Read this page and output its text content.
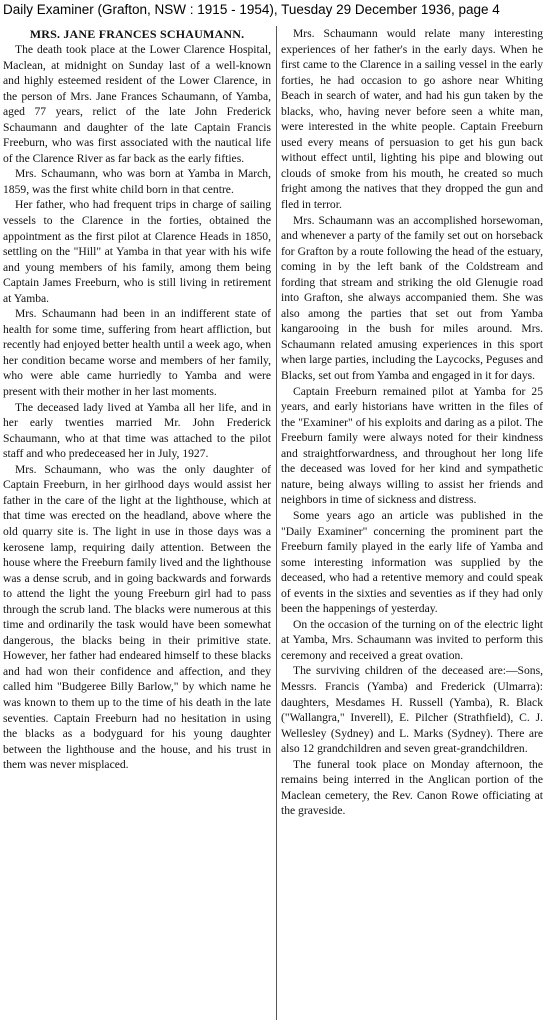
Daily Examiner (Grafton, NSW : 1915 - 1954), Tuesday 29 December 1936, page 4

MRS. JANE FRANCES SCHAUMANN.

The death took place at the Lower Clarence Hospital, Maclean, at midnight on Sunday last of a well-known and highly esteemed resident of the Lower Clarence, in the person of Mrs. Jane Frances Schaumann, of Yamba, aged 77 years, relict of the late John Frederick Schaumann and daughter of the late Captain Francis Freeburn, who was first associated with the nautical life of the Clarence River as far back as the early fifties.

Mrs. Schaumann, who was born at Yamba in March, 1859, was the first white child born in that centre.

Her father, who had frequent trips in charge of sailing vessels to the Clarence in the forties, obtained the appointment as the first pilot at Clarence Heads in 1850, settling on the "Hill" at Yamba in that year with his wife and young members of his family, among them being Captain James Freeburn, who is still living in retirement at Yamba.

Mrs. Schaumann had been in an indifferent state of health for some time, suffering from heart affliction, but recently had enjoyed better health until a week ago, when her condition became worse and members of her family, who were able came hurriedly to Yamba and were present with their mother in her last moments.

The deceased lady lived at Yamba all her life, and in her early twenties married Mr. John Frederick Schaumann, who at that time was attached to the pilot staff and who predeceased her in July, 1927.

Mrs. Schaumann, who was the only daughter of Captain Freeburn, in her girlhood days would assist her father in the care of the light at the lighthouse, which at that time was erected on the headland, above where the old quarry site is. The light in use in those days was a kerosene lamp, requiring daily attention. Between the house where the Freeburn family lived and the lighthouse was a dense scrub, and in going backwards and forwards to attend the light the young Freeburn girl had to pass through the scrub land. The blacks were numerous at this time and ordinarily the task would have been somewhat dangerous, the blacks being in their primitive state. However, her father had endeared himself to these blacks and had won their confidence and affection, and they called him "Budgeree Billy Barlow," by which name he was known to them up to the time of his death in the late seventies. Captain Freeburn had no hesitation in using the blacks as a bodyguard for his young daughter between the lighthouse and the house, and his trust in them was never misplaced.

Mrs. Schaumann would relate many interesting experiences of her father's in the early days. When he first came to the Clarence in a sailing vessel in the early forties, he had occasion to go ashore near Whiting Beach in search of water, and had his gun taken by the blacks, who, having never before seen a white man, were interested in the white people. Captain Freeburn used every means of persuasion to get his gun back without effect until, lighting his pipe and blowing out clouds of smoke from his mouth, he created so much fright among the natives that they dropped the gun and fled in terror.

Mrs. Schaumann was an accomplished horsewoman, and whenever a party of the family set out on horseback for Grafton by a route following the head of the estuary, coming in by the left bank of the Coldstream and fording that stream and striking the old Glenugie road into Grafton, she always accompanied them. She was also among the parties that set out from Yamba kangarooing in the bush for miles around. Mrs. Schaumann related amusing experiences in this sport when large parties, including the Laycocks, Peguses and Blacks, set out from Yamba and engaged in it for days.

Captain Freeburn remained pilot at Yamba for 25 years, and early historians have written in the files of the "Examiner" of his exploits and daring as a pilot. The Freeburn family were always noted for their kindness and straightforwardness, and throughout her long life the deceased was loved for her kind and sympathetic nature, being always willing to assist her friends and neighbors in time of sickness and distress.

Some years ago an article was published in the "Daily Examiner" concerning the prominent part the Freeburn family played in the early life of Yamba and some interesting information was supplied by the deceased, who had a retentive memory and could speak of events in the sixties and seventies as if they had only been the happenings of yesterday.

On the occasion of the turning on of the electric light at Yamba, Mrs. Schaumann was invited to perform this ceremony and received a great ovation.

The surviving children of the deceased are:—Sons, Messrs. Francis (Yamba) and Frederick (Ulmarra): daughters, Mesdames H. Russell (Yamba), R. Black ("Wallangra," Inverell), E. Pilcher (Strathfield), C. J. Wellesley (Sydney) and L. Marks (Sydney). There are also 12 grandchildren and seven great-grandchildren.

The funeral took place on Monday afternoon, the remains being interred in the Anglican portion of the Maclean cemetery, the Rev. Canon Rowe officiating at the graveside.
